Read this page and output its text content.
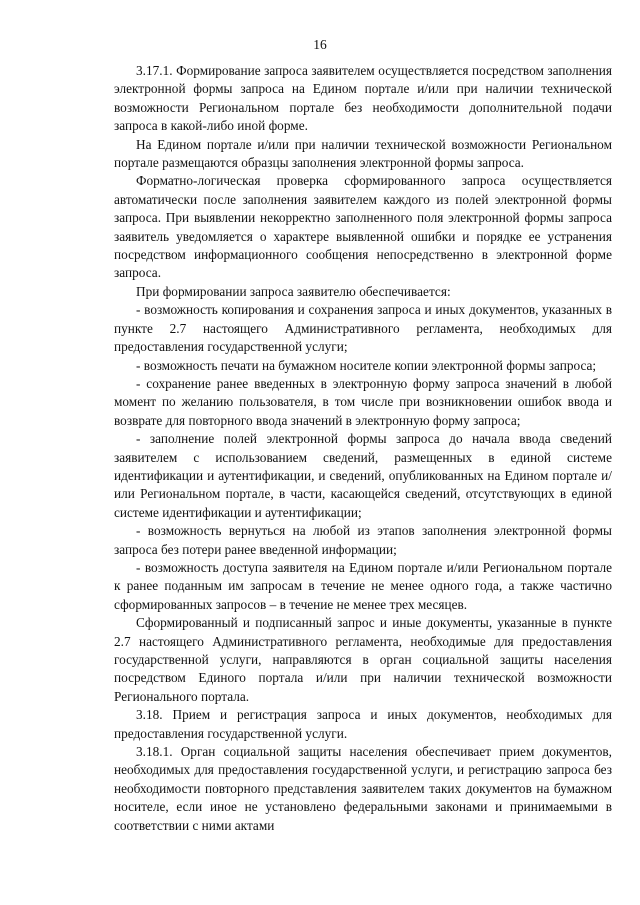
16

3.17.1. Формирование запроса заявителем осуществляется посредством заполнения электронной формы запроса на Едином портале и/или при наличии технической возможности Региональном портале без необходимости дополнительной подачи запроса в какой-либо иной форме.

На Едином портале и/или при наличии технической возможности Региональном портале размещаются образцы заполнения электронной формы запроса.

Форматно-логическая проверка сформированного запроса осуществляется автоматически после заполнения заявителем каждого из полей электронной формы запроса. При выявлении некорректно заполненного поля электронной формы запроса заявитель уведомляется о характере выявленной ошибки и порядке ее устранения посредством информационного сообщения непосредственно в электронной форме запроса.

При формировании запроса заявителю обеспечивается:

- возможность копирования и сохранения запроса и иных документов, указанных в пункте 2.7 настоящего Административного регламента, необходимых для предоставления государственной услуги;

- возможность печати на бумажном носителе копии электронной формы запроса;

- сохранение ранее введенных в электронную форму запроса значений в любой момент по желанию пользователя, в том числе при возникновении ошибок ввода и возврате для повторного ввода значений в электронную форму запроса;

- заполнение полей электронной формы запроса до начала ввода сведений заявителем с использованием сведений, размещенных в единой системе идентификации и аутентификации, и сведений, опубликованных на Едином портале и/или Региональном портале, в части, касающейся сведений, отсутствующих в единой системе идентификации и аутентификации;

- возможность вернуться на любой из этапов заполнения электронной формы запроса без потери ранее введенной информации;

- возможность доступа заявителя на Едином портале и/или Региональном портале к ранее поданным им запросам в течение не менее одного года, а также частично сформированных запросов – в течение не менее трех месяцев.

Сформированный и подписанный запрос и иные документы, указанные в пункте 2.7 настоящего Административного регламента, необходимые для предоставления государственной услуги, направляются в орган социальной защиты населения посредством Единого портала и/или при наличии технической возможности Регионального портала.

3.18. Прием и регистрация запроса и иных документов, необходимых для предоставления государственной услуги.

3.18.1. Орган социальной защиты населения обеспечивает прием документов, необходимых для предоставления государственной услуги, и регистрацию запроса без необходимости повторного представления заявителем таких документов на бумажном носителе, если иное не установлено федеральными законами и принимаемыми в соответствии с ними актами
